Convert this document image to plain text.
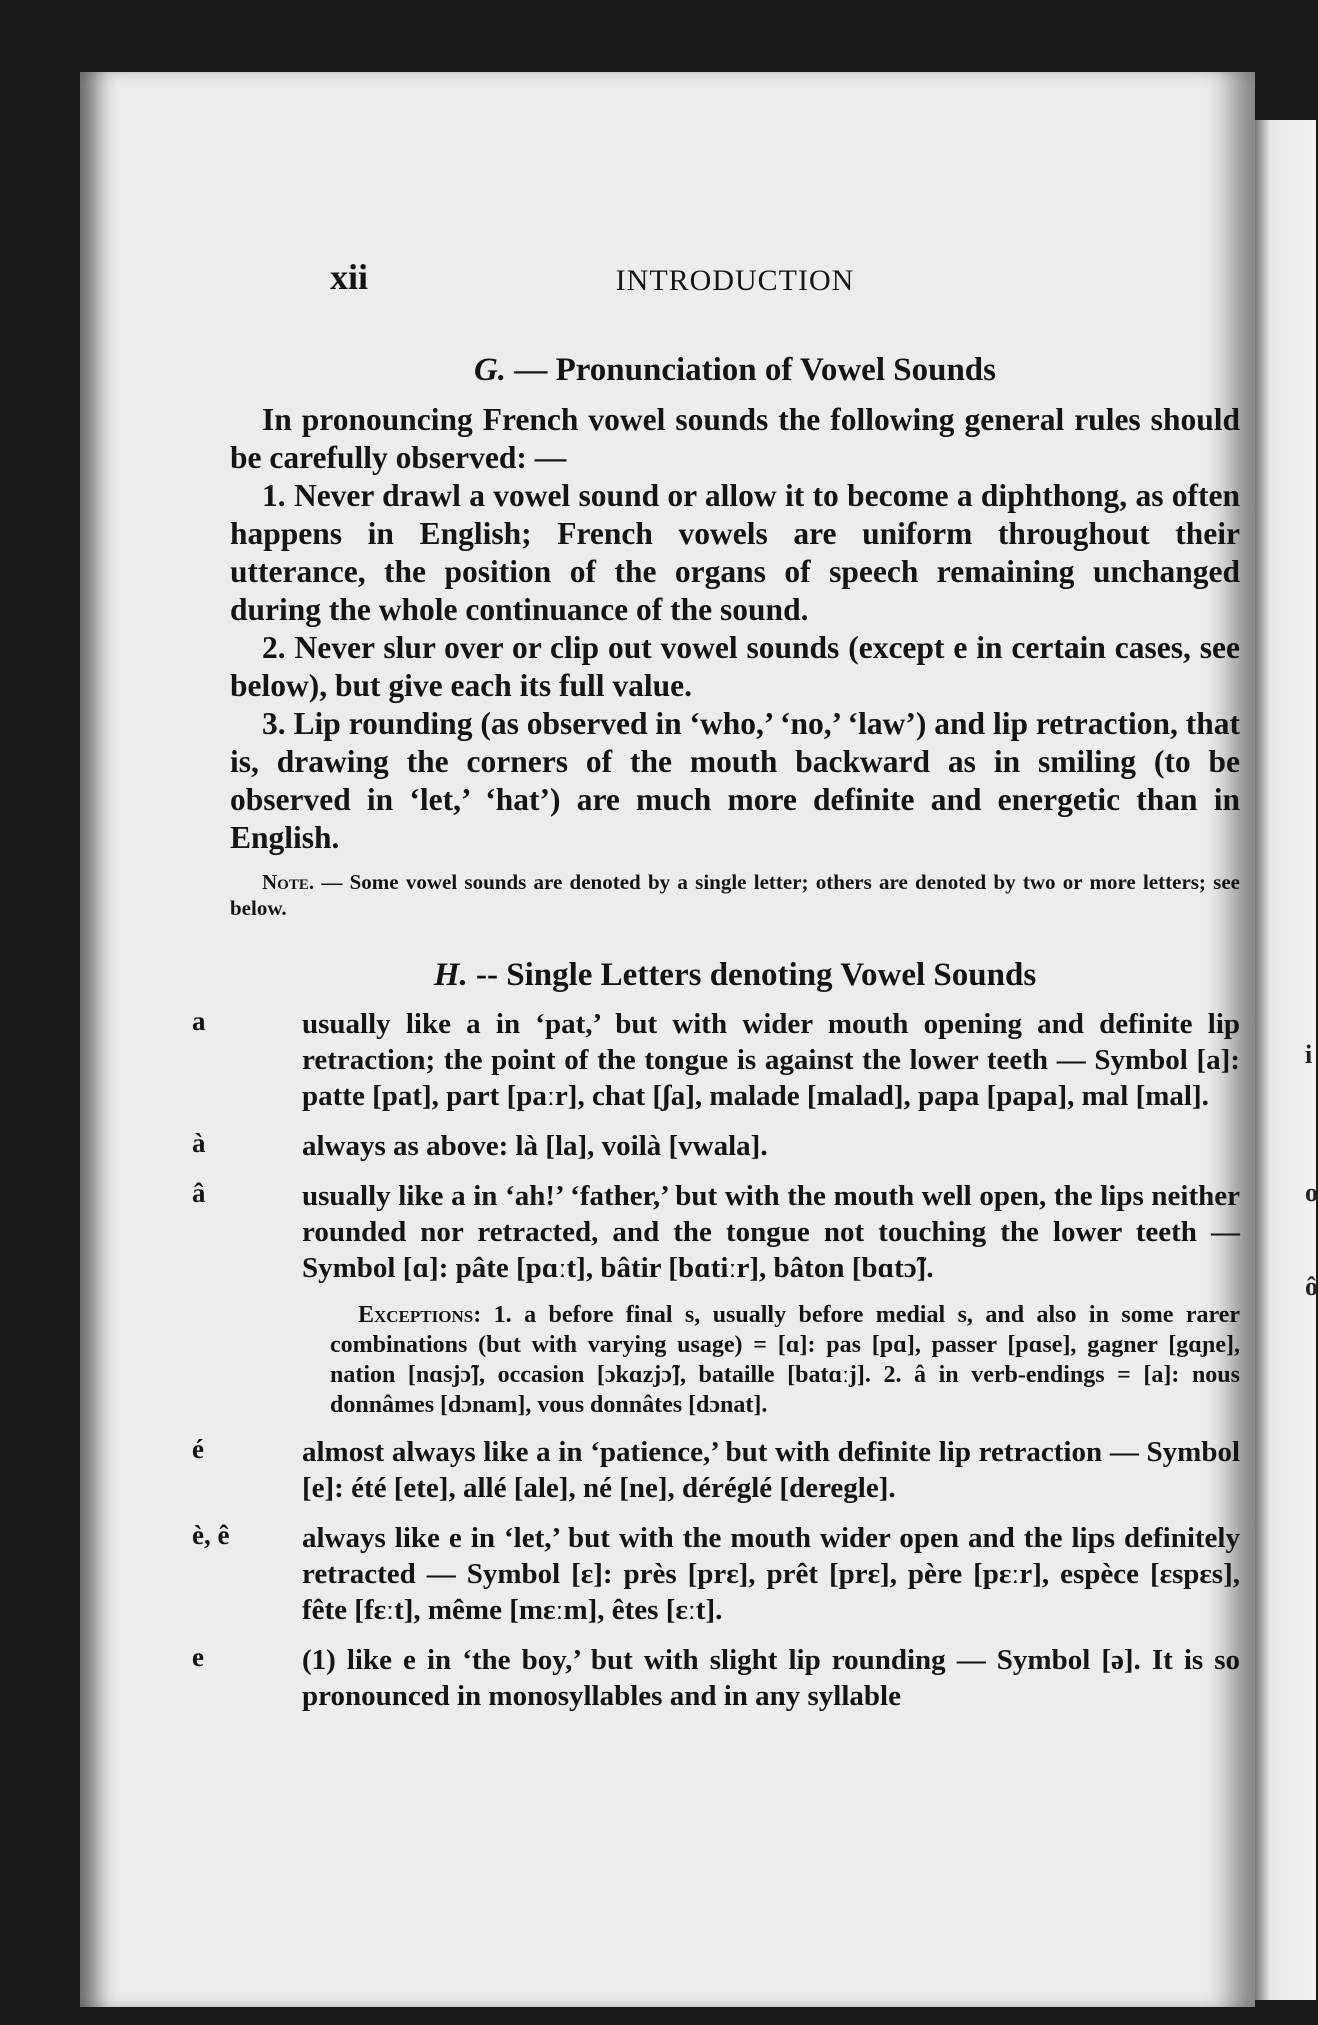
i
o
ô
xii	INTRODUCTION
G. — Pronunciation of Vowel Sounds

In pronouncing French vowel sounds the following general rules should be carefully observed: —

1. Never drawl a vowel sound or allow it to become a diphthong, as often happens in English; French vowels are uniform throughout their utterance, the position of the organs of speech remaining unchanged during the whole continuance of the sound.

2. Never slur over or clip out vowel sounds (except e in certain cases, see below), but give each its full value.

3. Lip rounding (as observed in ‘who,’ ‘no,’ ‘law’) and lip retraction, that is, drawing the corners of the mouth backward as in smiling (to be observed in ‘let,’ ‘hat’) are much more definite and energetic than in English.

Note. — Some vowel sounds are denoted by a single letter; others are denoted by two or more letters; see below.

H. -- Single Letters denoting Vowel Sounds
a	usually like a in ‘pat,’ but with wider mouth opening and definite lip retraction; the point of the tongue is against the lower teeth — Symbol [a]: patte [pat], part [paːr], chat [ʃa], malade [malad], papa [papa], mal [mal].

à	always as above: là [la], voilà [vwala].

â	usually like a in ‘ah!’ ‘father,’ but with the mouth well open, the lips neither rounded nor retracted, and the tongue not touching the lower teeth — Symbol [ɑ]: pâte [pɑːt], bâtir [bɑtiːr], bâton [bɑtɔ̃].

Exceptions: 1. a before final s, usually before medial s, and also in some rarer combinations (but with varying usage) = [ɑ]: pas [pɑ], passer [pɑse], gagner [gɑɲe], nation [nɑsjɔ̃], occasion [ɔkɑzjɔ̃], bataille [batɑːj]. 2. â in verb-endings = [a]: nous donnâmes [dɔnam], vous donnâtes [dɔnat].

é	almost always like a in ‘patience,’ but with definite lip retraction — Symbol [e]: été [ete], allé [ale], né [ne], déréglé [deregle].

è, ê	always like e in ‘let,’ but with the mouth wider open and the lips definitely retracted — Symbol [ɛ]: près [prɛ], prêt [prɛ], père [pɛːr], espèce [ɛspɛs], fête [fɛːt], même [mɛːm], êtes [ɛːt].

e	(1) like e in ‘the boy,’ but with slight lip rounding — Symbol [ə]. It is so pronounced in monosyllables and in any syllable
